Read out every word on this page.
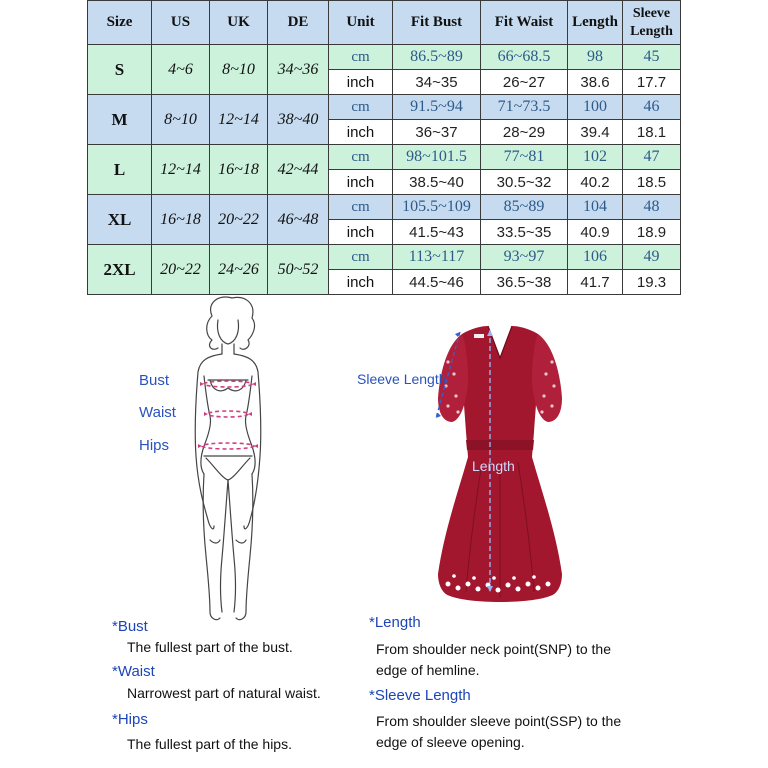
Size	US	UK	DE	Unit	Fit Bust	Fit Waist	Length	Sleeve Length
S	4~6	8~10	34~36	cm	86.5~89	66~68.5	98	45
				inch	34~35	26~27	38.6	17.7
M	8~10	12~14	38~40	cm	91.5~94	71~73.5	100	46
				inch	36~37	28~29	39.4	18.1
L	12~14	16~18	42~44	cm	98~101.5	77~81	102	47
				inch	38.5~40	30.5~32	40.2	18.5
XL	16~18	20~22	46~48	cm	105.5~109	85~89	104	48
				inch	41.5~43	33.5~35	40.9	18.9
2XL	20~22	24~26	50~52	cm	113~117	93~97	106	49
				inch	44.5~46	36.5~38	41.7	19.3
Bust
Waist
Hips
Sleeve Length
Length
*Bust
The fullest part of the bust.
*Waist
Narrowest part of natural waist.
*Hips
The fullest part of the hips.
*Length
From shoulder neck point(SNP) to the
edge of hemline.
*Sleeve Length
From shoulder sleeve point(SSP) to the
edge of sleeve opening.
